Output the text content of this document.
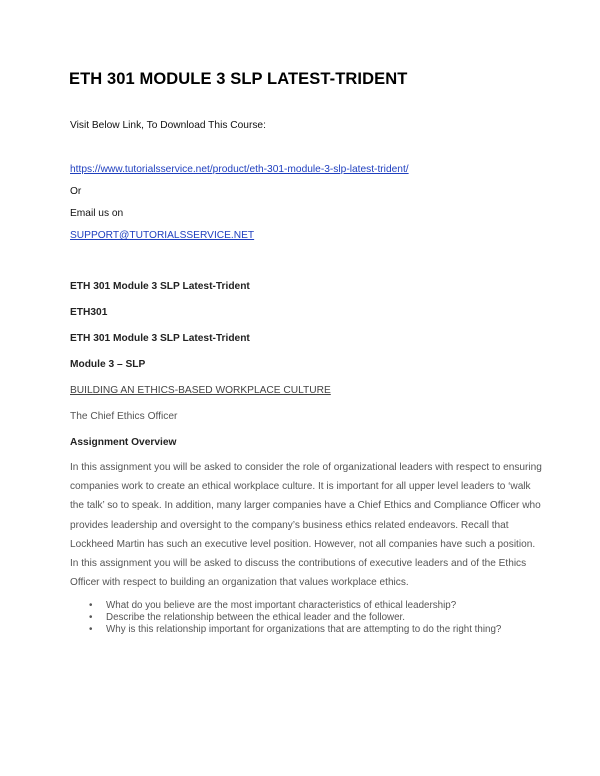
ETH 301 MODULE 3 SLP LATEST-TRIDENT
Visit Below Link, To Download This Course:
https://www.tutorialsservice.net/product/eth-301-module-3-slp-latest-trident/
Or
Email us on
SUPPORT@TUTORIALSSERVICE.NET
ETH 301 Module 3 SLP Latest-Trident
ETH301
ETH 301 Module 3 SLP Latest-Trident
Module 3 – SLP
BUILDING AN ETHICS-BASED WORKPLACE CULTURE
The Chief Ethics Officer
Assignment Overview
In this assignment you will be asked to consider the role of organizational leaders with respect to ensuring
companies work to create an ethical workplace culture. It is important for all upper level leaders to ‘walk
the talk’ so to speak. In addition, many larger companies have a Chief Ethics and Compliance Officer who
provides leadership and oversight to the company’s business ethics related endeavors. Recall that
Lockheed Martin has such an executive level position. However, not all companies have such a position.
In this assignment you will be asked to discuss the contributions of executive leaders and of the Ethics
Officer with respect to building an organization that values workplace ethics.
• What do you believe are the most important characteristics of ethical leadership?
• Describe the relationship between the ethical leader and the follower.
• Why is this relationship important for organizations that are attempting to do the right thing?
